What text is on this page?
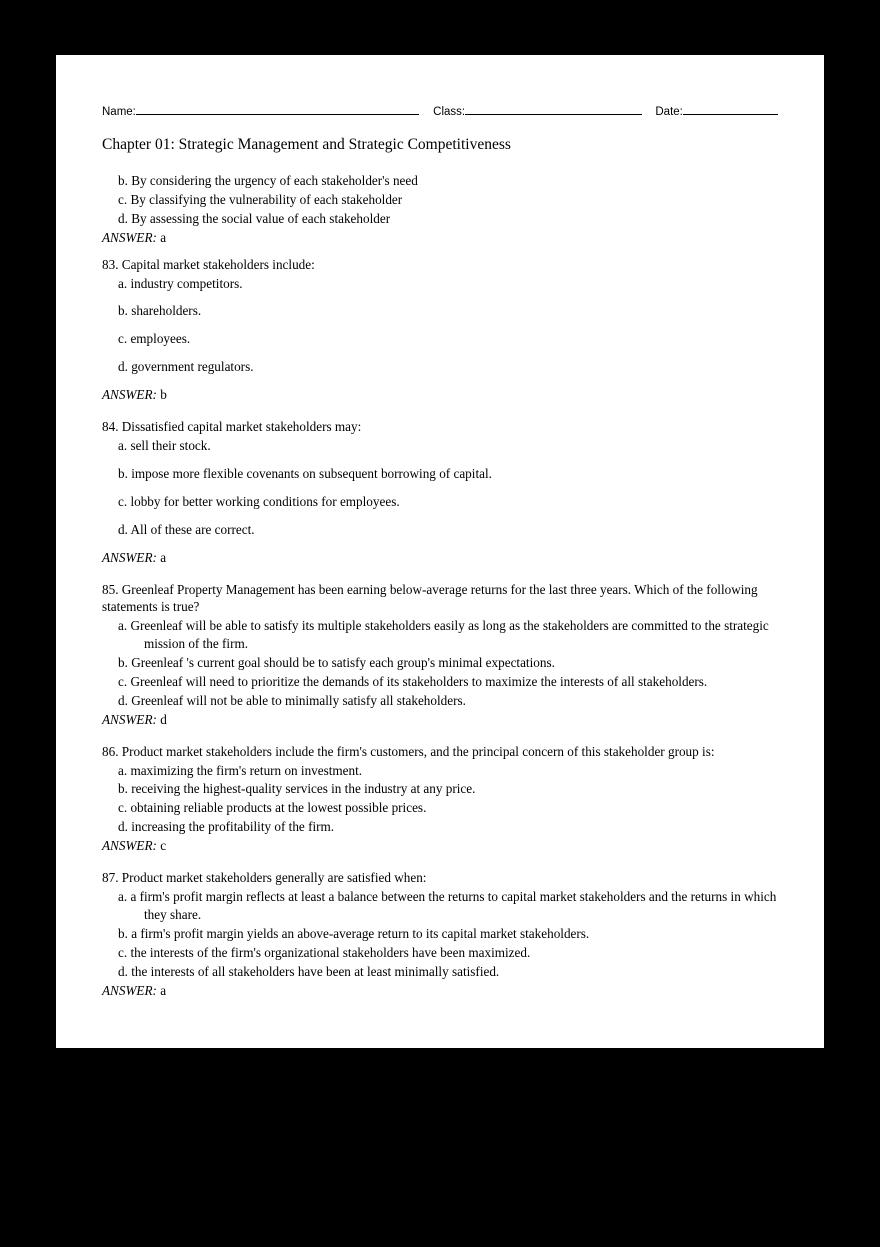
Name:	Class:	Date:
Chapter 01: Strategic Management and Strategic Competitiveness

b. By considering the urgency of each stakeholder's need

c. By classifying the vulnerability of each stakeholder

d. By assessing the social value of each stakeholder

ANSWER: a

83. Capital market stakeholders include:

a. industry competitors.

b. shareholders.

c. employees.

d. government regulators.

ANSWER: b

84. Dissatisfied capital market stakeholders may:

a. sell their stock.

b. impose more flexible covenants on subsequent borrowing of capital.

c. lobby for better working conditions for employees.

d. All of these are correct.

ANSWER: a

85. Greenleaf Property Management has been earning below-average returns for the last three years. Which of the following statements is true?

a. Greenleaf will be able to satisfy its multiple stakeholders easily as long as the stakeholders are committed to the strategic mission of the firm.

b. Greenleaf 's current goal should be to satisfy each group's minimal expectations.

c. Greenleaf will need to prioritize the demands of its stakeholders to maximize the interests of all stakeholders.

d. Greenleaf will not be able to minimally satisfy all stakeholders.

ANSWER: d

86. Product market stakeholders include the firm's customers, and the principal concern of this stakeholder group is:

a. maximizing the firm's return on investment.

b. receiving the highest-quality services in the industry at any price.

c. obtaining reliable products at the lowest possible prices.

d. increasing the profitability of the firm.

ANSWER: c

87. Product market stakeholders generally are satisfied when:

a. a firm's profit margin reflects at least a balance between the returns to capital market stakeholders and the returns in which they share.

b. a firm's profit margin yields an above-average return to its capital market stakeholders.

c. the interests of the firm's organizational stakeholders have been maximized.

d. the interests of all stakeholders have been at least minimally satisfied.

ANSWER: a
